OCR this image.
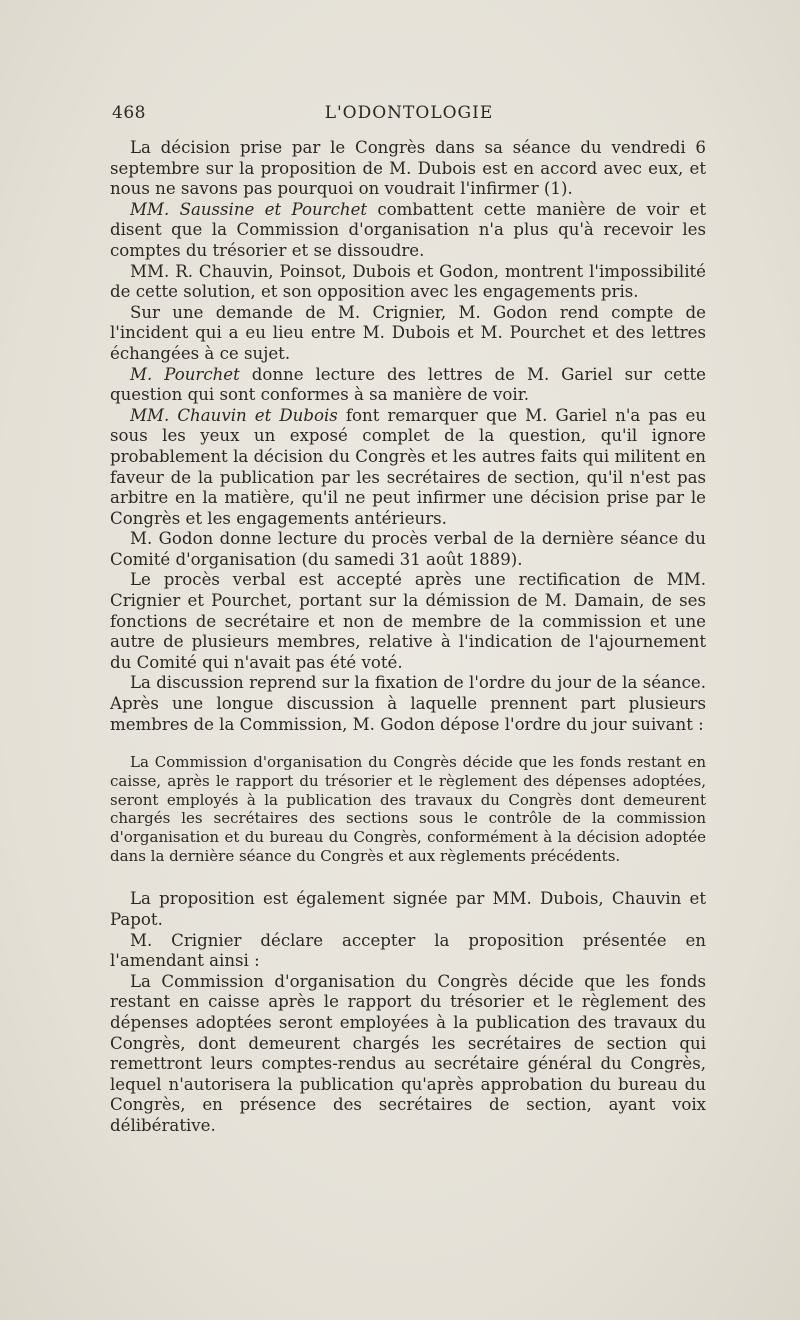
468	L'ODONTOLOGIE

La décision prise par le Congrès dans sa séance du vendredi 6 septembre sur la proposition de M. Dubois est en accord avec eux, et nous ne savons pas pourquoi on voudrait l'infirmer (1).

MM. Saussine et Pourchet combattent cette manière de voir et disent que la Commission d'organisation n'a plus qu'à recevoir les comptes du trésorier et se dissoudre.

MM. R. Chauvin, Poinsot, Dubois et Godon, montrent l'impossibilité de cette solution, et son opposition avec les engagements pris.

Sur une demande de M. Crignier, M. Godon rend compte de l'incident qui a eu lieu entre M. Dubois et M. Pourchet et des lettres échangées à ce sujet.

M. Pourchet donne lecture des lettres de M. Gariel sur cette question qui sont conformes à sa manière de voir.

MM. Chauvin et Dubois font remarquer que M. Gariel n'a pas eu sous les yeux un exposé complet de la question, qu'il ignore probablement la décision du Congrès et les autres faits qui militent en faveur de la publication par les secrétaires de section, qu'il n'est pas arbitre en la matière, qu'il ne peut infirmer une décision prise par le Congrès et les engagements antérieurs.

M. Godon donne lecture du procès verbal de la dernière séance du Comité d'organisation (du samedi 31 août 1889).

Le procès verbal est accepté après une rectification de MM. Crignier et Pourchet, portant sur la démission de M. Damain, de ses fonctions de secrétaire et non de membre de la commission et une autre de plusieurs membres, relative à l'indication de l'ajournement du Comité qui n'avait pas été voté.

La discussion reprend sur la fixation de l'ordre du jour de la séance. Après une longue discussion à laquelle prennent part plusieurs membres de la Commission, M. Godon dépose l'ordre du jour suivant :

La Commission d'organisation du Congrès décide que les fonds restant en caisse, après le rapport du trésorier et le règlement des dépenses adoptées, seront employés à la publication des travaux du Congrès dont demeurent chargés les secrétaires des sections sous le contrôle de la commission d'organisation et du bureau du Congrès, conformément à la décision adoptée dans la dernière séance du Congrès et aux règlements précédents.

La proposition est également signée par MM. Dubois, Chauvin et Papot.

M. Crignier déclare accepter la proposition présentée en l'amendant ainsi :

La Commission d'organisation du Congrès décide que les fonds restant en caisse après le rapport du trésorier et le règlement des dépenses adoptées seront employées à la publication des travaux du Congrès, dont demeurent chargés les secrétaires de section qui remettront leurs comptes-rendus au secrétaire général du Congrès, lequel n'autorisera la publication qu'après approbation du bureau du Congrès, en présence des secrétaires de section, ayant voix délibérative.
